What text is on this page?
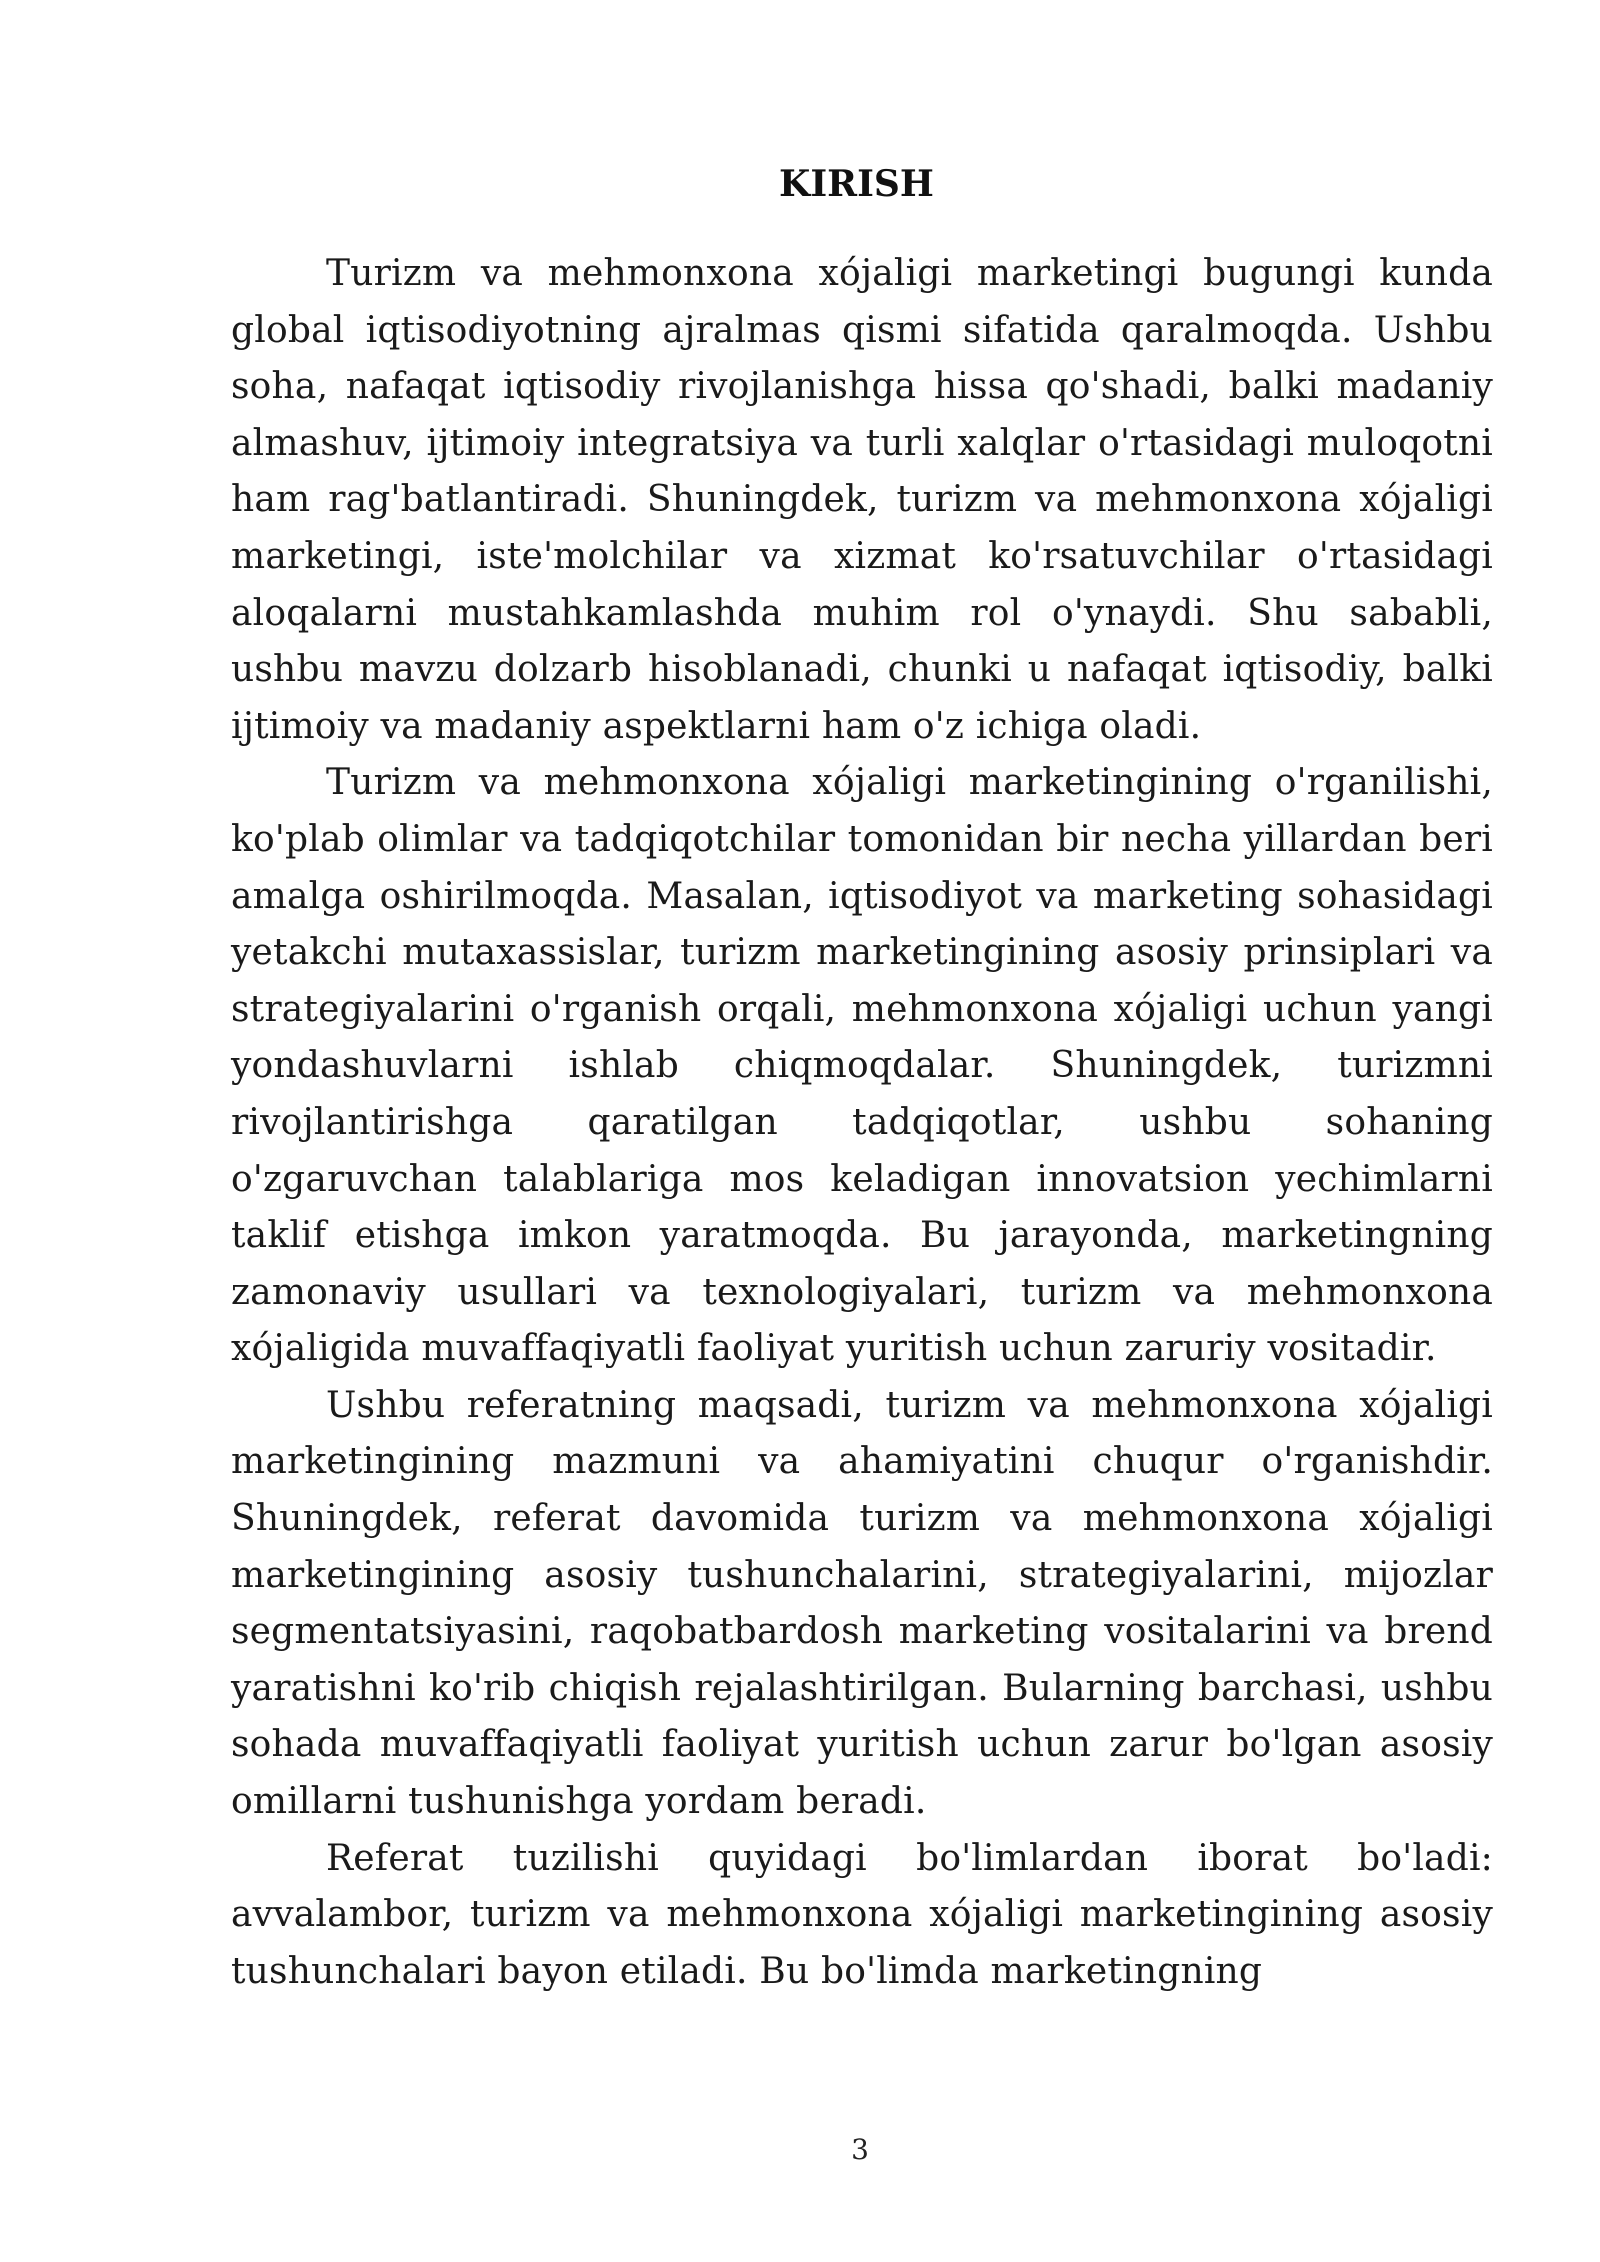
KIRISH

Turizm va mehmonxona xójaligi marketingi bugungi kunda global iqtisodiyotning ajralmas qismi sifatida qaralmoqda. Ushbu soha, nafaqat iqtisodiy rivojlanishga hissa qo'shadi, balki madaniy almashuv, ijtimoiy integratsiya va turli xalqlar o'rtasidagi muloqotni ham rag'batlantiradi. Shuningdek, turizm va mehmonxona xójaligi marketingi, iste'molchilar va xizmat ko'rsatuvchilar o'rtasidagi aloqalarni mustahkamlashda muhim rol o'ynaydi. Shu sababli, ushbu mavzu dolzarb hisoblanadi, chunki u nafaqat iqtisodiy, balki ijtimoiy va madaniy aspektlarni ham o'z ichiga oladi.

Turizm va mehmonxona xójaligi marketingining o'rganilishi, ko'plab olimlar va tadqiqotchilar tomonidan bir necha yillardan beri amalga oshirilmoqda. Masalan, iqtisodiyot va marketing sohasidagi yetakchi mutaxassislar, turizm marketingining asosiy prinsiplari va strategiyalarini o'rganish orqali, mehmonxona xójaligi uchun yangi yondashuvlarni ishlab chiqmoqdalar. Shuningdek, turizmni rivojlantirishga qaratilgan tadqiqotlar, ushbu sohaning o'zgaruvchan talablariga mos keladigan innovatsion yechimlarni taklif etishga imkon yaratmoqda. Bu jarayonda, marketingning zamonaviy usullari va texnologiyalari, turizm va mehmonxona xójaligida muvaffaqiyatli faoliyat yuritish uchun zaruriy vositadir.

Ushbu referatning maqsadi, turizm va mehmonxona xójaligi marketingining mazmuni va ahamiyatini chuqur o'rganishdir. Shuningdek, referat davomida turizm va mehmonxona xójaligi marketingining asosiy tushunchalarini, strategiyalarini, mijozlar segmentatsiyasini, raqobatbardosh marketing vositalarini va brend yaratishni ko'rib chiqish rejalashtirilgan. Bularning barchasi, ushbu sohada muvaffaqiyatli faoliyat yuritish uchun zarur bo'lgan asosiy omillarni tushunishga yordam beradi.

Referat tuzilishi quyidagi bo'limlardan iborat bo'ladi: avvalambor, turizm va mehmonxona xójaligi marketingining asosiy tushunchalari bayon etiladi. Bu bo'limda marketingning

3
